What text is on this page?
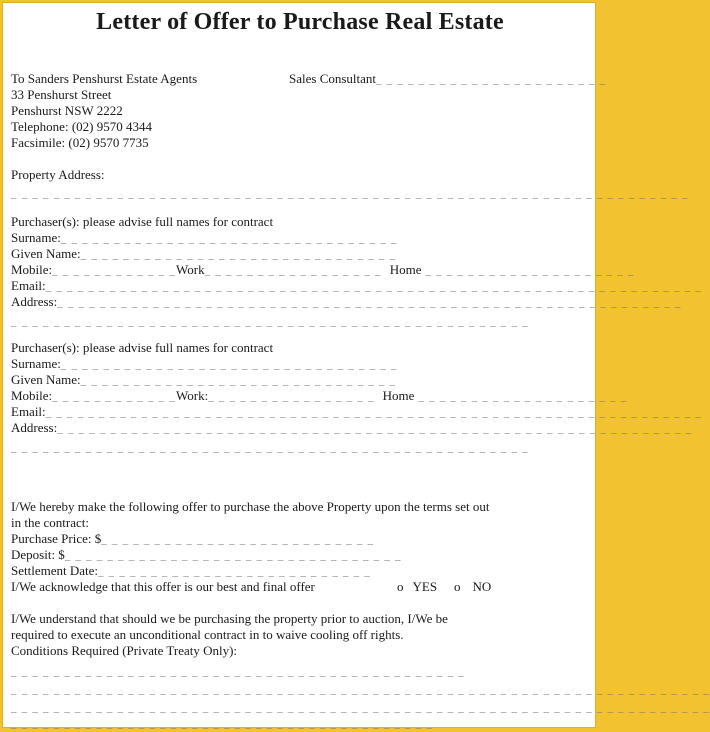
Letter of Offer to Purchase Real Estate
To Sanders Penshurst Estate Agents	Sales Consultant_ _ _ _ _ _ _ _ _ _ _ _ _ _ _ _ _ _ _ _ _ _
33 Penshurst Street
Penshurst NSW 2222
Telephone: (02) 9570 4344
Facsimile: (02) 9570 7735
Property Address:
_ _ _ _ _ _ _ _ _ _ _ _ _ _ _ _ _ _ _ _ _ _ _ _ _ _ _ _ _ _ _ _ _ _ _ _ _ _ _ _ _ _ _ _ _ _ _ _ _ _ _ _ _ _ _ _ _ _ _ _ _ _ _ _
Purchaser(s): please advise full names for contract
Surname:_ _ _ _ _ _ _ _ _ _ _ _ _ _ _ _ _ _ _ _ _ _ _ _ _ _ _ _ _ _ _ _
Given Name:_ _ _ _ _ _ _ _ _ _ _ _ _ _ _ _ _ _ _ _ _ _ _ _ _ _ _ _ _ _
Mobile:_ _ _ _ _ _ _ _ _ _ _ _Work_ _ _ _ _ _ _ _ _ _ _ _ _ _ _ _ _ Home _ _ _ _ _ _ _ _ _ _ _ _ _ _ _ _ _ _ _ _
Email:_ _ _ _ _ _ _ _ _ _ _ _ _ _ _ _ _ _ _ _ _ _ _ _ _ _ _ _ _ _ _ _ _ _ _ _ _ _ _ _ _ _ _ _ _ _ _ _ _ _ _ _ _ _ _ _ _ _ _ _ _ _
Address:_ _ _ _ _ _ _ _ _ _ _ _ _ _ _ _ _ _ _ _ _ _ _ _ _ _ _ _ _ _ _ _ _ _ _ _ _ _ _ _ _ _ _ _ _ _ _ _ _ _ _ _ _ _ _ _ _ _ _
_ _ _ _ _ _ _ _ _ _ _ _ _ _ _ _ _ _ _ _ _ _ _ _ _ _ _ _ _ _ _ _ _ _ _ _ _ _ _ _ _ _ _ _ _ _ _ _ _
Purchaser(s): please advise full names for contract
Surname:_ _ _ _ _ _ _ _ _ _ _ _ _ _ _ _ _ _ _ _ _ _ _ _ _ _ _ _ _ _ _ _
Given Name:_ _ _ _ _ _ _ _ _ _ _ _ _ _ _ _ _ _ _ _ _ _ _ _ _ _ _ _ _ _
Mobile:_ _ _ _ _ _ _ _ _ _ _ _Work:_ _ _ _ _ _ _ _ _ _ _ _ _ _ _ _ Home _ _ _ _ _ _ _ _ _ _ _ _ _ _ _ _ _ _ _ _
Email:_ _ _ _ _ _ _ _ _ _ _ _ _ _ _ _ _ _ _ _ _ _ _ _ _ _ _ _ _ _ _ _ _ _ _ _ _ _ _ _ _ _ _ _ _ _ _ _ _ _ _ _ _ _ _ _ _ _ _ _ _ _
Address:_ _ _ _ _ _ _ _ _ _ _ _ _ _ _ _ _ _ _ _ _ _ _ _ _ _ _ _ _ _ _ _ _ _ _ _ _ _ _ _ _ _ _ _ _ _ _ _ _ _ _ _ _ _ _ _ _ _ _ _
_ _ _ _ _ _ _ _ _ _ _ _ _ _ _ _ _ _ _ _ _ _ _ _ _ _ _ _ _ _ _ _ _ _ _ _ _ _ _ _ _ _ _ _ _ _ _ _ _
I/We hereby make the following offer to purchase the above Property upon the terms set out
in the contract:
Purchase Price: $_ _ _ _ _ _ _ _ _ _ _ _ _ _ _ _ _ _ _ _ _ _ _ _ _ _
Deposit: $_ _ _ _ _ _ _ _ _ _ _ _ _ _ _ _ _ _ _ _ _ _ _ _ _ _ _ _ _ _ _ _
Settlement Date:_ _ _ _ _ _ _ _ _ _ _ _ _ _ _ _ _ _ _ _ _ _ _ _ _ _
I/We acknowledge that this offer is our best and final offer	o YES o NO
I/We understand that should we be purchasing the property prior to auction, I/We be
required to execute an unconditional contract in to waive cooling off rights.
Conditions Required (Private Treaty Only):
_ _ _ _ _ _ _ _ _ _ _ _ _ _ _ _ _ _ _ _ _ _ _ _ _ _ _ _ _ _ _ _ _ _ _ _ _ _ _ _ _ _ _
_ _ _ _ _ _ _ _ _ _ _ _ _ _ _ _ _ _ _ _ _ _ _ _ _ _ _ _ _ _ _ _ _ _ _ _ _ _ _ _ _ _ _ _ _ _ _ _ _ _ _ _ _ _ _ _ _ _ _ _ _ _ _ _ _ _
_ _ _ _ _ _ _ _ _ _ _ _ _ _ _ _ _ _ _ _ _ _ _ _ _ _ _ _ _ _ _ _ _ _ _ _ _ _ _ _ _ _ _ _ _ _ _ _ _ _ _ _ _ _ _ _ _ _ _ _ _ _ _ _ _ _
_ _ _ _ _ _ _ _ _ _ _ _ _ _ _ _ _ _ _ _ _ _ _ _ _ _ _ _ _ _ _ _ _ _ _ _ _ _ _ _
